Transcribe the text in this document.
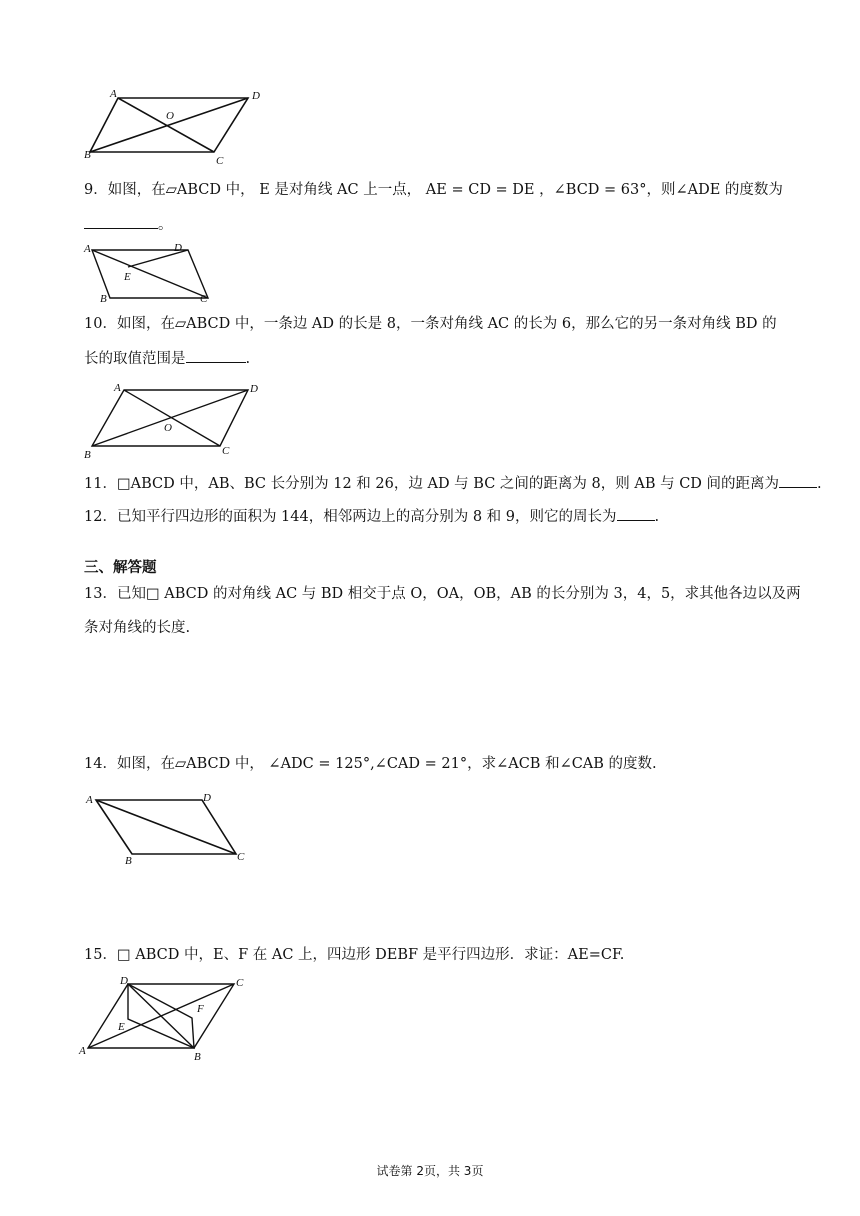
A	D
O
B	C
9．如图，在▱ABCD 中， E 是对角线 AC 上一点， AE = CD = DE ，∠BCD = 63°，则∠ADE 的度数为
。
A	D
E
B	C
10．如图，在▱ABCD 中，一条边 AD 的长是 8，一条对角线 AC 的长为 6，那么它的另一条对角线 BD 的
长的取值范围是	.
A	D
O
B	C
11．□ABCD 中，AB、BC 长分别为 12 和 26，边 AD 与 BC 之间的距离为 8，则 AB 与 CD 间的距离为	.
12．已知平行四边形的面积为 144，相邻两边上的高分别为 8 和 9，则它的周长为	.
三、解答题
13．已知□ ABCD 的对角线 AC 与 BD 相交于点 O，OA，OB，AB 的长分别为 3，4，5，求其他各边以及两
条对角线的长度.
14．如图，在▱ABCD 中， ∠ADC = 125°,∠CAD = 21°，求∠ACB 和∠CAB 的度数.
A	D
B	C
15．□ ABCD 中，E、F 在 AC 上，四边形 DEBF 是平行四边形．求证：AE=CF.
D	C
F
E
A	B
试卷第 2页，共 3页
